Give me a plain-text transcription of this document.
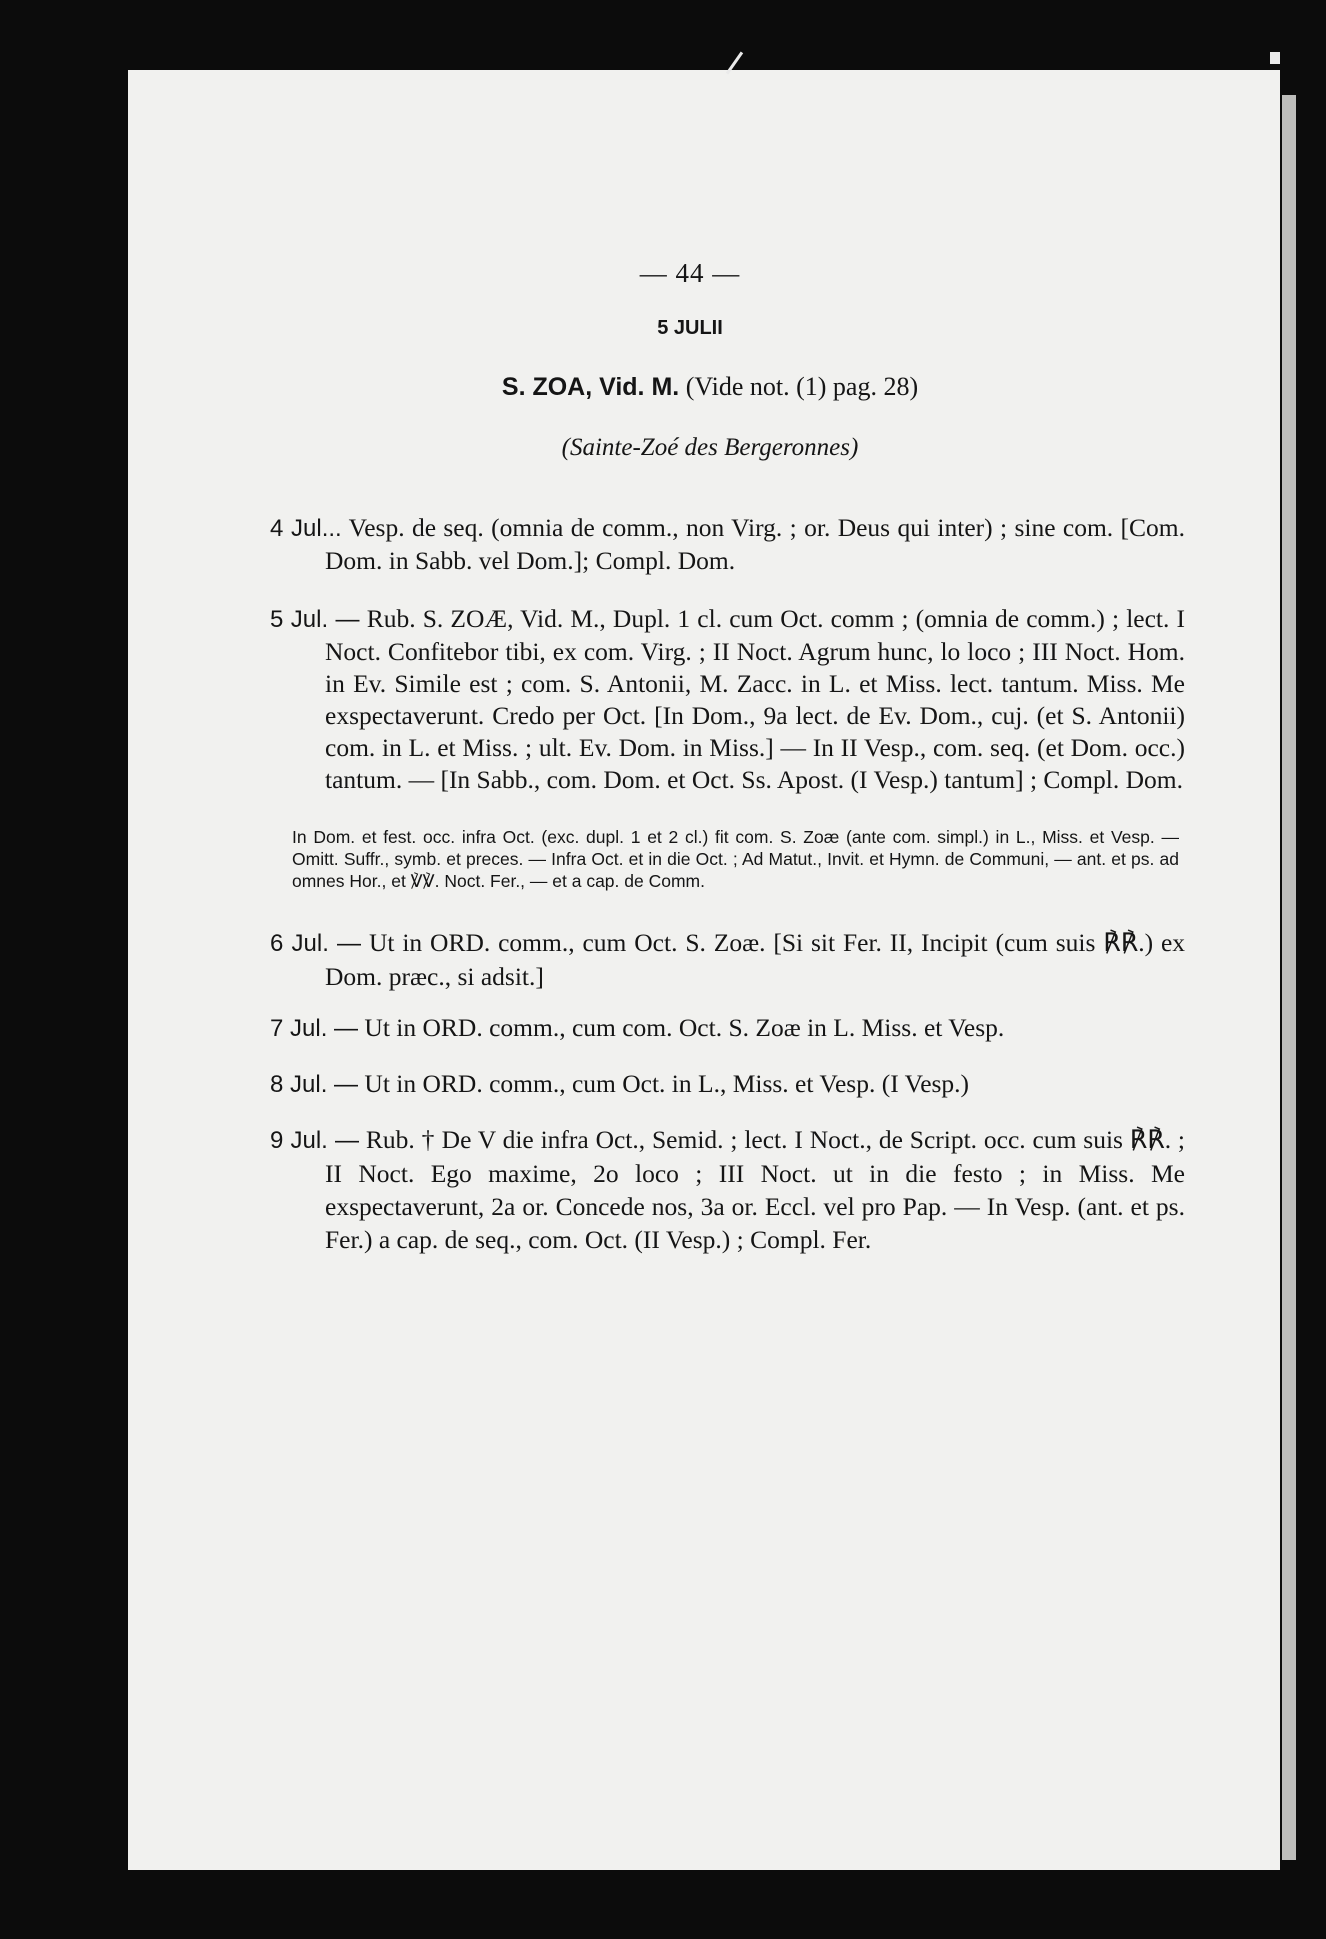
— 44 —
5 JULII
S. ZOA, Vid. M. (Vide not. (1) pag. 28)
(Sainte-Zoé des Bergeronnes)
4 Jul... Vesp. de seq. (omnia de comm., non Virg. ; or. Deus qui inter) ; sine com. [Com. Dom. in Sabb. vel Dom.]; Compl. Dom.
5 Jul. — Rub. S. ZOÆ, Vid. M., Dupl. 1 cl. cum Oct. comm ; (omnia de comm.) ; lect. I Noct. Confitebor tibi, ex com. Virg. ; II Noct. Agrum hunc, lo loco ; III Noct. Hom. in Ev. Simile est ; com. S. Antonii, M. Zacc. in L. et Miss. lect. tantum. Miss. Me exspectaverunt. Credo per Oct. [In Dom., 9a lect. de Ev. Dom., cuj. (et S. Antonii) com. in L. et Miss. ; ult. Ev. Dom. in Miss.] — In II Vesp., com. seq. (et Dom. occ.) tantum. — [In Sabb., com. Dom. et Oct. Ss. Apost. (I Vesp.) tantum] ; Compl. Dom.
In Dom. et fest. occ. infra Oct. (exc. dupl. 1 et 2 cl.) fit com. S. Zoæ (ante com. simpl.) in L., Miss. et Vesp. — Omitt. Suffr., symb. et preces. — Infra Oct. et in die Oct. ; Ad Matut., Invit. et Hymn. de Communi, — ant. et ps. ad omnes Hor., et ℣℣. Noct. Fer., — et a cap. de Comm.
6 Jul. — Ut in ORD. comm., cum Oct. S. Zoæ. [Si sit Fer. II, Incipit (cum suis ℟℟.) ex Dom. præc., si adsit.]
7 Jul. — Ut in ORD. comm., cum com. Oct. S. Zoæ in L. Miss. et Vesp.
8 Jul. — Ut in ORD. comm., cum Oct. in L., Miss. et Vesp. (I Vesp.)
9 Jul. — Rub. † De V die infra Oct., Semid. ; lect. I Noct., de Script. occ. cum suis ℟℟. ; II Noct. Ego maxime, 2o loco ; III Noct. ut in die festo ; in Miss. Me exspectaverunt, 2a or. Concede nos, 3a or. Eccl. vel pro Pap. — In Vesp. (ant. et ps. Fer.) a cap. de seq., com. Oct. (II Vesp.) ; Compl. Fer.
